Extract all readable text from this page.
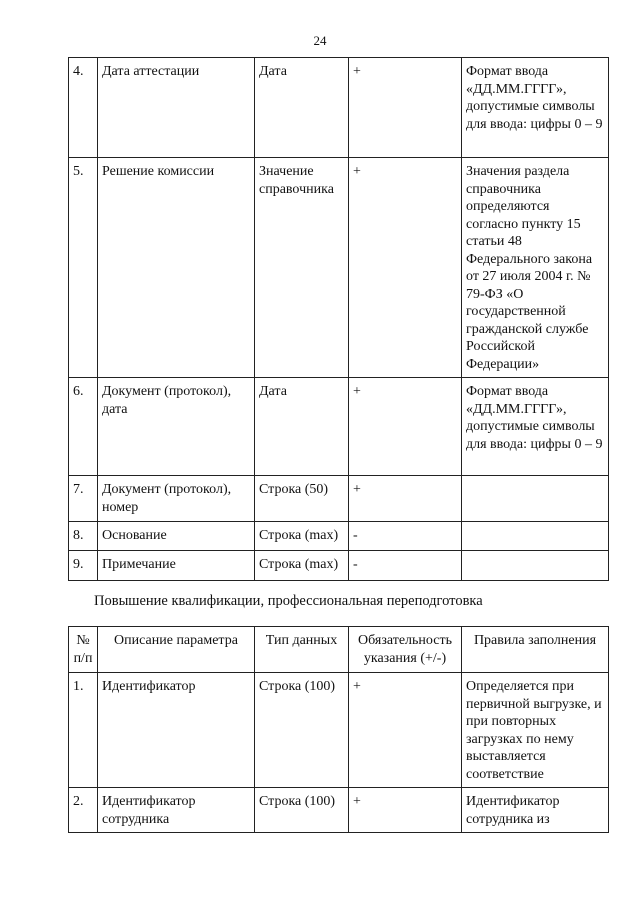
24
4.	Дата аттестации	Дата	+	Формат ввода «ДД.ММ.ГГГГ», допустимые символы для ввода: цифры 0 – 9
5.	Решение комиссии	Значение справочника	+	Значения раздела справочника определяются согласно пункту 15 статьи 48 Федерального закона от 27 июля 2004 г. № 79-ФЗ «О государственной гражданской службе Российской Федерации»
6.	Документ (протокол), дата	Дата	+	Формат ввода «ДД.ММ.ГГГГ», допустимые символы для ввода: цифры 0 – 9
7.	Документ (протокол), номер	Строка (50)	+	
8.	Основание	Строка (max)	-	
9.	Примечание	Строка (max)	-	
Повышение квалификации, профессиональная переподготовка
№ п/п	Описание параметра	Тип данных	Обязательность указания (+/-)	Правила заполнения
1.	Идентификатор	Строка (100)	+	Определяется при первичной выгрузке, и при повторных загрузках по нему выставляется соответствие
2.	Идентификатор сотрудника	Строка (100)	+	Идентификатор сотрудника из
